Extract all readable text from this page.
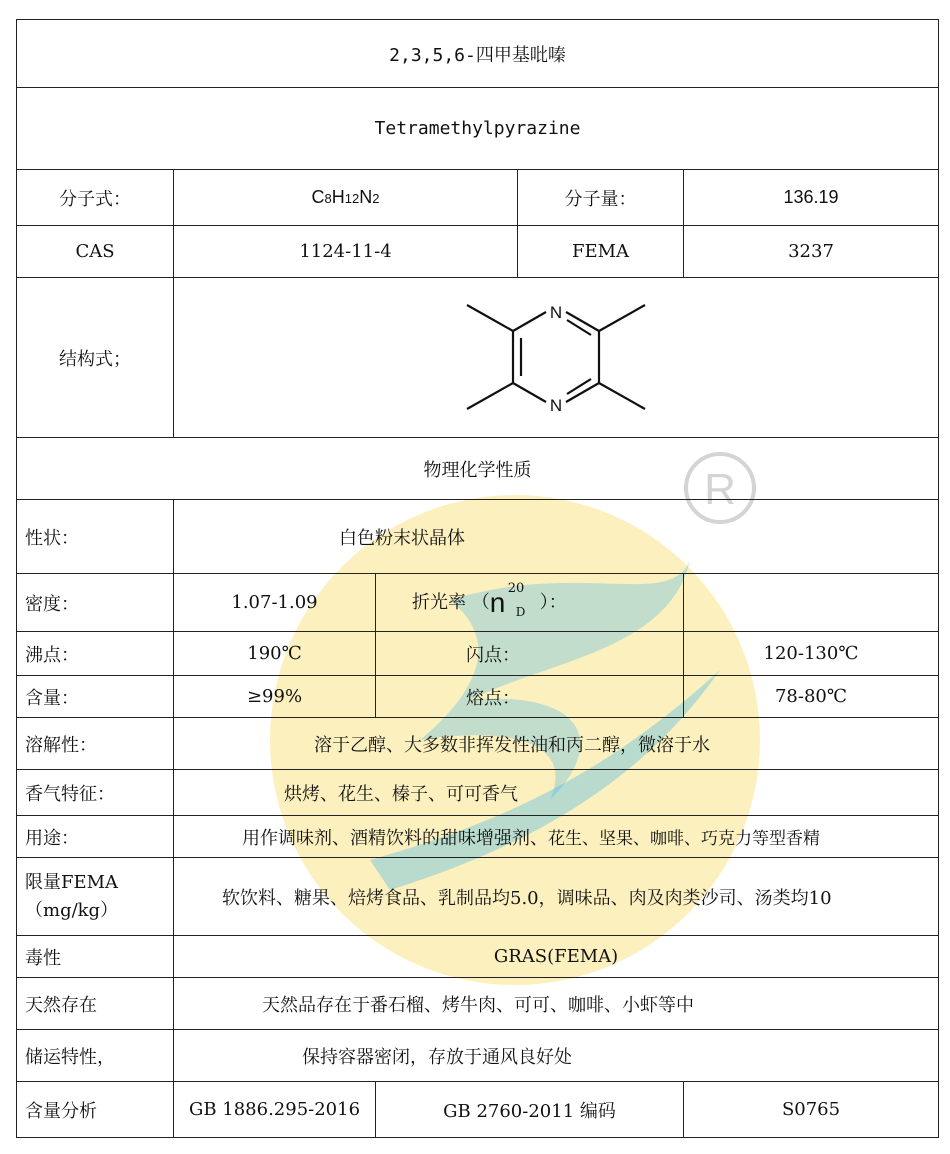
R
2,3,5,6-四甲基吡嗪				
Tetramethylpyrazine				
分子式：	C8H12N2		分子量：	136.19
CAS	1124-11-4		FEMA	3237
结构式；	N
N			

物理化学性质				
性状：	白色粉末状晶体			
密度：	1.07-1.09	折光率 （ n 20
D ）：		
沸点：	190℃	闪点：		120-130℃
含量：	≥99%	熔点：		78-80℃
溶解性：	溶于乙醇、大多数非挥发性油和丙二醇，微溶于水			
香气特征：	烘烤、花生、榛子、可可香气			
用途：	用作调味剂、酒精饮料的甜味增强剂、花生、坚果、咖啡、巧克力等型香精			
限量FEMA
（mg/kg）	软饮料、糖果、焙烤食品、乳制品均5.0，调味品、肉及肉类沙司、汤类均10			
毒性	GRAS(FEMA)			
天然存在	天然品存在于番石榴、烤牛肉、可可、咖啡、小虾等中			
储运特性，	保持容器密闭，存放于通风良好处			
含量分析	GB 1886.295-2016	GB 2760-2011 编码		S0765
